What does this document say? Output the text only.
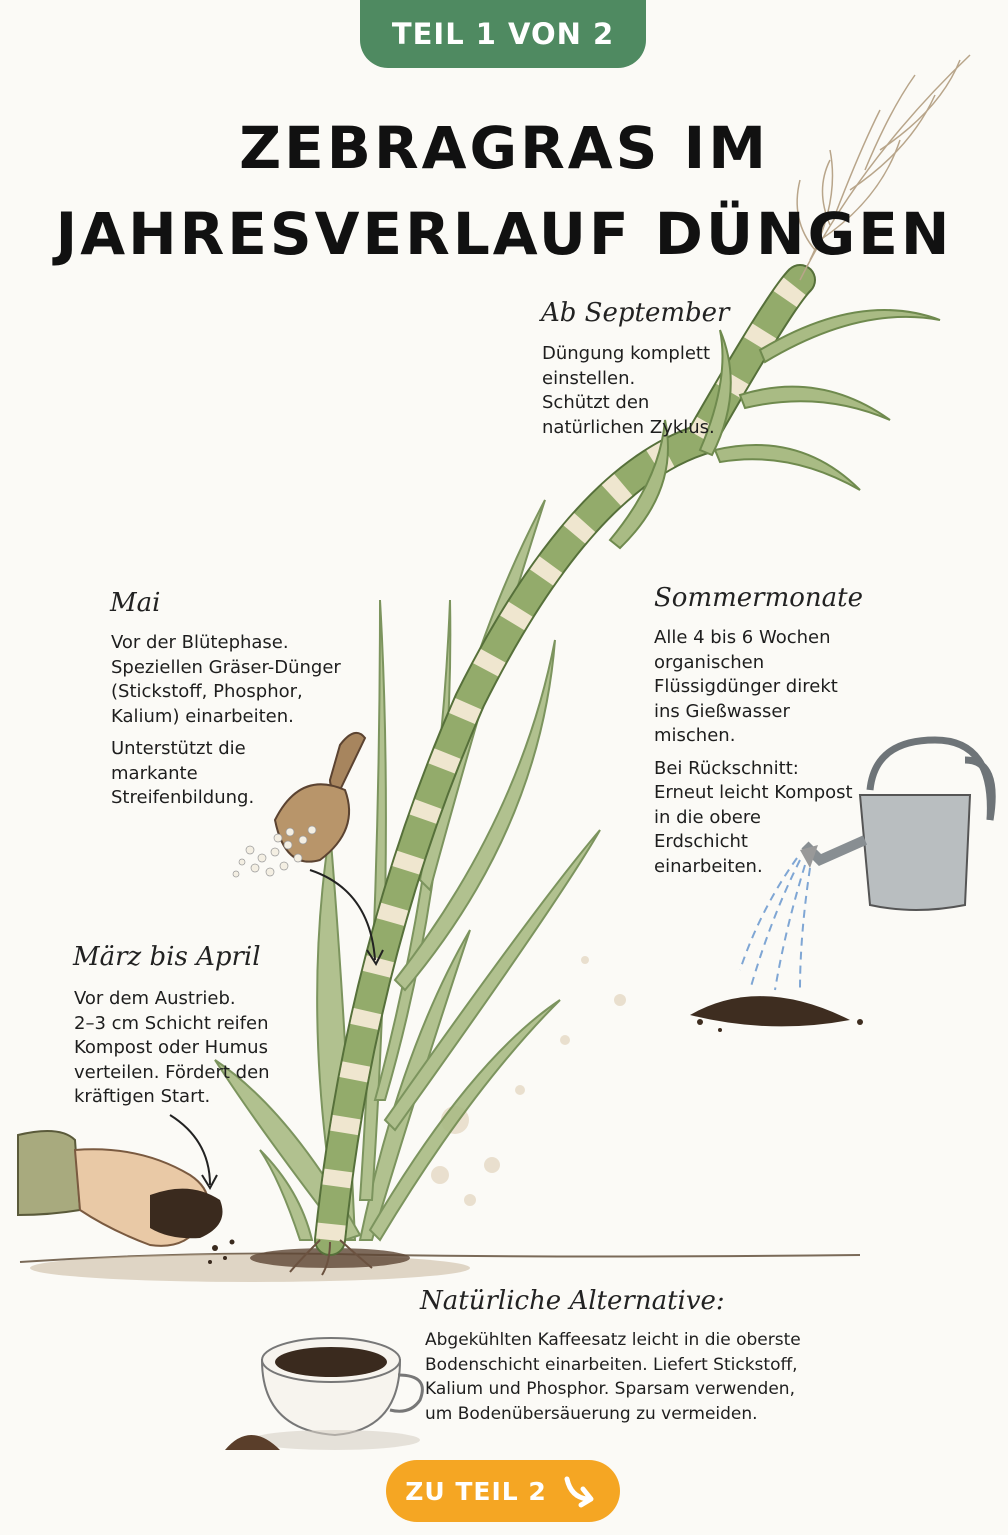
TEIL 1 VON 2
ZEBRAGRAS IM
JAHRESVERLAUF DÜNGEN
Ab September
Düngung komplett
einstellen.
Schützt den
natürlichen Zyklus.
Mai

Vor der Blütephase.
Speziellen Gräser-Dünger
(Stickstoff, Phosphor,
Kalium) einarbeiten.

Unterstützt die
markante
Streifenbildung.

Sommermonate

Alle 4 bis 6 Wochen
organischen
Flüssigdünger direkt
ins Gießwasser
mischen.

Bei Rückschnitt:
Erneut leicht Kompost
in die obere
Erdschicht
einarbeiten.

März bis April
Vor dem Austrieb.
2–3 cm Schicht reifen
Kompost oder Humus
verteilen. Fördert den
kräftigen Start.
Natürliche Alternative:
Abgekühlten Kaffeesatz leicht in die oberste
Bodenschicht einarbeiten. Liefert Stickstoff,
Kalium und Phosphor. Sparsam verwenden,
um Bodenübersäuerung zu vermeiden.
ZU TEIL 2
